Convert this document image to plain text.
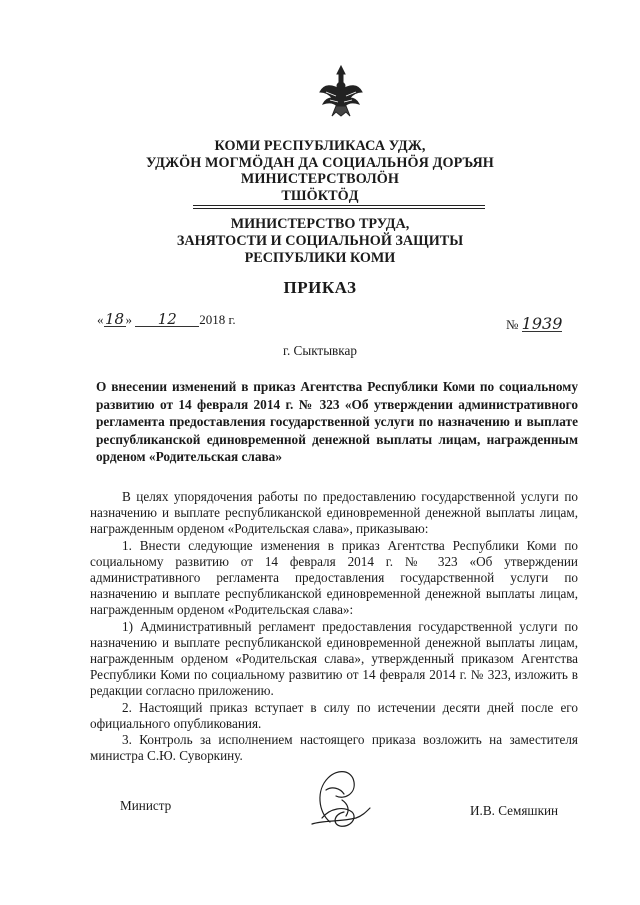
КОМИ РЕСПУБЛИКАСА УДЖ,
УДЖӦН МОГМӦДАН ДА СОЦИАЛЬНӦЯ ДОРЪЯН
МИНИСТЕРСТВОЛӦН
ТШӦКТӦД
МИНИСТЕРСТВО ТРУДА,
ЗАНЯТОСТИ И СОЦИАЛЬНОЙ ЗАЩИТЫ
РЕСПУБЛИКИ КОМИ
ПРИКАЗ
«18» 12 2018 г.	№ 1939
г. Сыктывкар
О внесении изменений в приказ Агентства Республики Коми по социальному развитию от 14 февраля 2014 г. № 323 «Об утверждении административного регламента предоставления государственной услуги по назначению и выплате республиканской единовременной денежной выплаты лицам, награжденным орденом «Родительская слава»

В целях упорядочения работы по предоставлению государственной услуги по назначению и выплате республиканской единовременной денежной выплаты лицам, награжденным орденом «Родительская слава», приказываю:

1. Внести следующие изменения в приказ Агентства Республики Коми по социальному развитию от 14 февраля 2014 г. № 323 «Об утверждении административного регламента предоставления государственной услуги по назначению и выплате республиканской единовременной денежной выплаты лицам, награжденным орденом «Родительская слава»:

1) Административный регламент предоставления государственной услуги по назначению и выплате республиканской единовременной денежной выплаты лицам, награжденным орденом «Родительская слава», утвержденный приказом Агентства Республики Коми по социальному развитию от 14 февраля 2014 г. № 323, изложить в редакции согласно приложению.

2. Настоящий приказ вступает в силу по истечении десяти дней после его официального опубликования.

3. Контроль за исполнением настоящего приказа возложить на заместителя министра С.Ю. Суворкину.

Министр	И.В. Семяшкин
